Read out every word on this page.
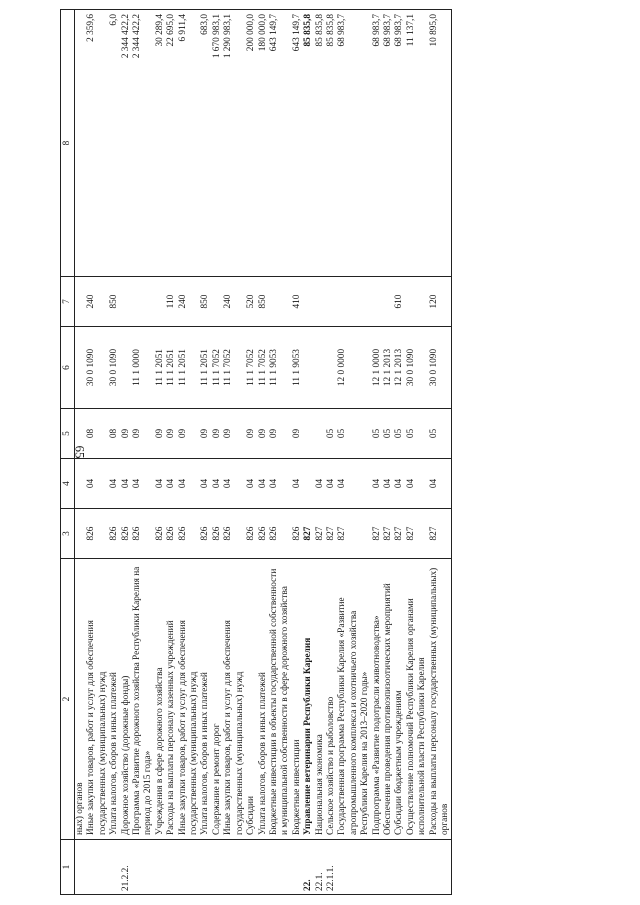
65
1	2	3	4	5	6	7	8
	ных) органов						
	Иные закупки товаров, работ и услуг для обеспечения государственных (муниципальных) нужд	826	04	08	30 0 1090	240	2 359,6
	Уплата налогов, сборов и иных платежей	826	04	08	30 0 1090	850	6,0
21.2.2.	Дорожное хозяйство (дорожные фонды)	826	04	09			2 344 422,2
	Программа «Развитие дорожного хозяйства Республики Карелия на период до 2015 года»	826	04	09	11 1 0000		2 344 422,2
	Учреждения в сфере дорожного хозяйства	826	04	09	11 1 2051		30 289,4
	Расходы на выплаты персоналу казенных учреждений	826	04	09	11 1 2051	110	22 695,0
	Иные закупки товаров, работ и услуг для обеспечения государственных (муниципальных) нужд	826	04	09	11 1 2051	240	6 911,4
	Уплата налогов, сборов и иных платежей	826	04	09	11 1 2051	850	683,0
	Содержание и ремонт дорог	826	04	09	11 1 7052		1 670 983,1
	Иные закупки товаров, работ и услуг для обеспечения государственных (муниципальных) нужд	826	04	09	11 1 7052	240	1 290 983,1
	Субсидии	826	04	09	11 1 7052	520	200 000,0
	Уплата налогов, сборов и иных платежей	826	04	09	11 1 7052	850	180 000,0
	Бюджетные инвестиции в объекты государственной собственности и муниципальной собственности в сфере дорожного хозяйства	826	04	09	11 1 9053		643 149,7
	Бюджетные инвестиции	826	04	09	11 1 9053	410	643 149,7
22.	Управление ветеринарии Республики Карелия	827					85 835,8
22.1.	Национальная экономика	827	04				85 835,8
22.1.1.	Сельское хозяйство и рыболовство	827	04	05			85 835,8
	Государственная программа Республики Карелия «Развитие агропромышленного комплекса и охотничьего хозяйства Республики Карелия на 2013–2020 годы»	827	04	05	12 0 0000		68 983,7
	Подпрограмма «Развитие подотрасли животноводства»	827	04	05	12 1 0000		68 983,7
	Обеспечение проведения противоэпизоотических мероприятий	827	04	05	12 1 2013		68 983,7
	Субсидии бюджетным учреждениям	827	04	05	12 1 2013	610	68 983,7
	Осуществление полномочий Республики Карелия органами исполнительной власти Республики Карелия	827	04	05	30 0 1090		11 137,1
	Расходы на выплаты персоналу государственных (муниципальных) органов	827	04	05	30 0 1090	120	10 895,0
